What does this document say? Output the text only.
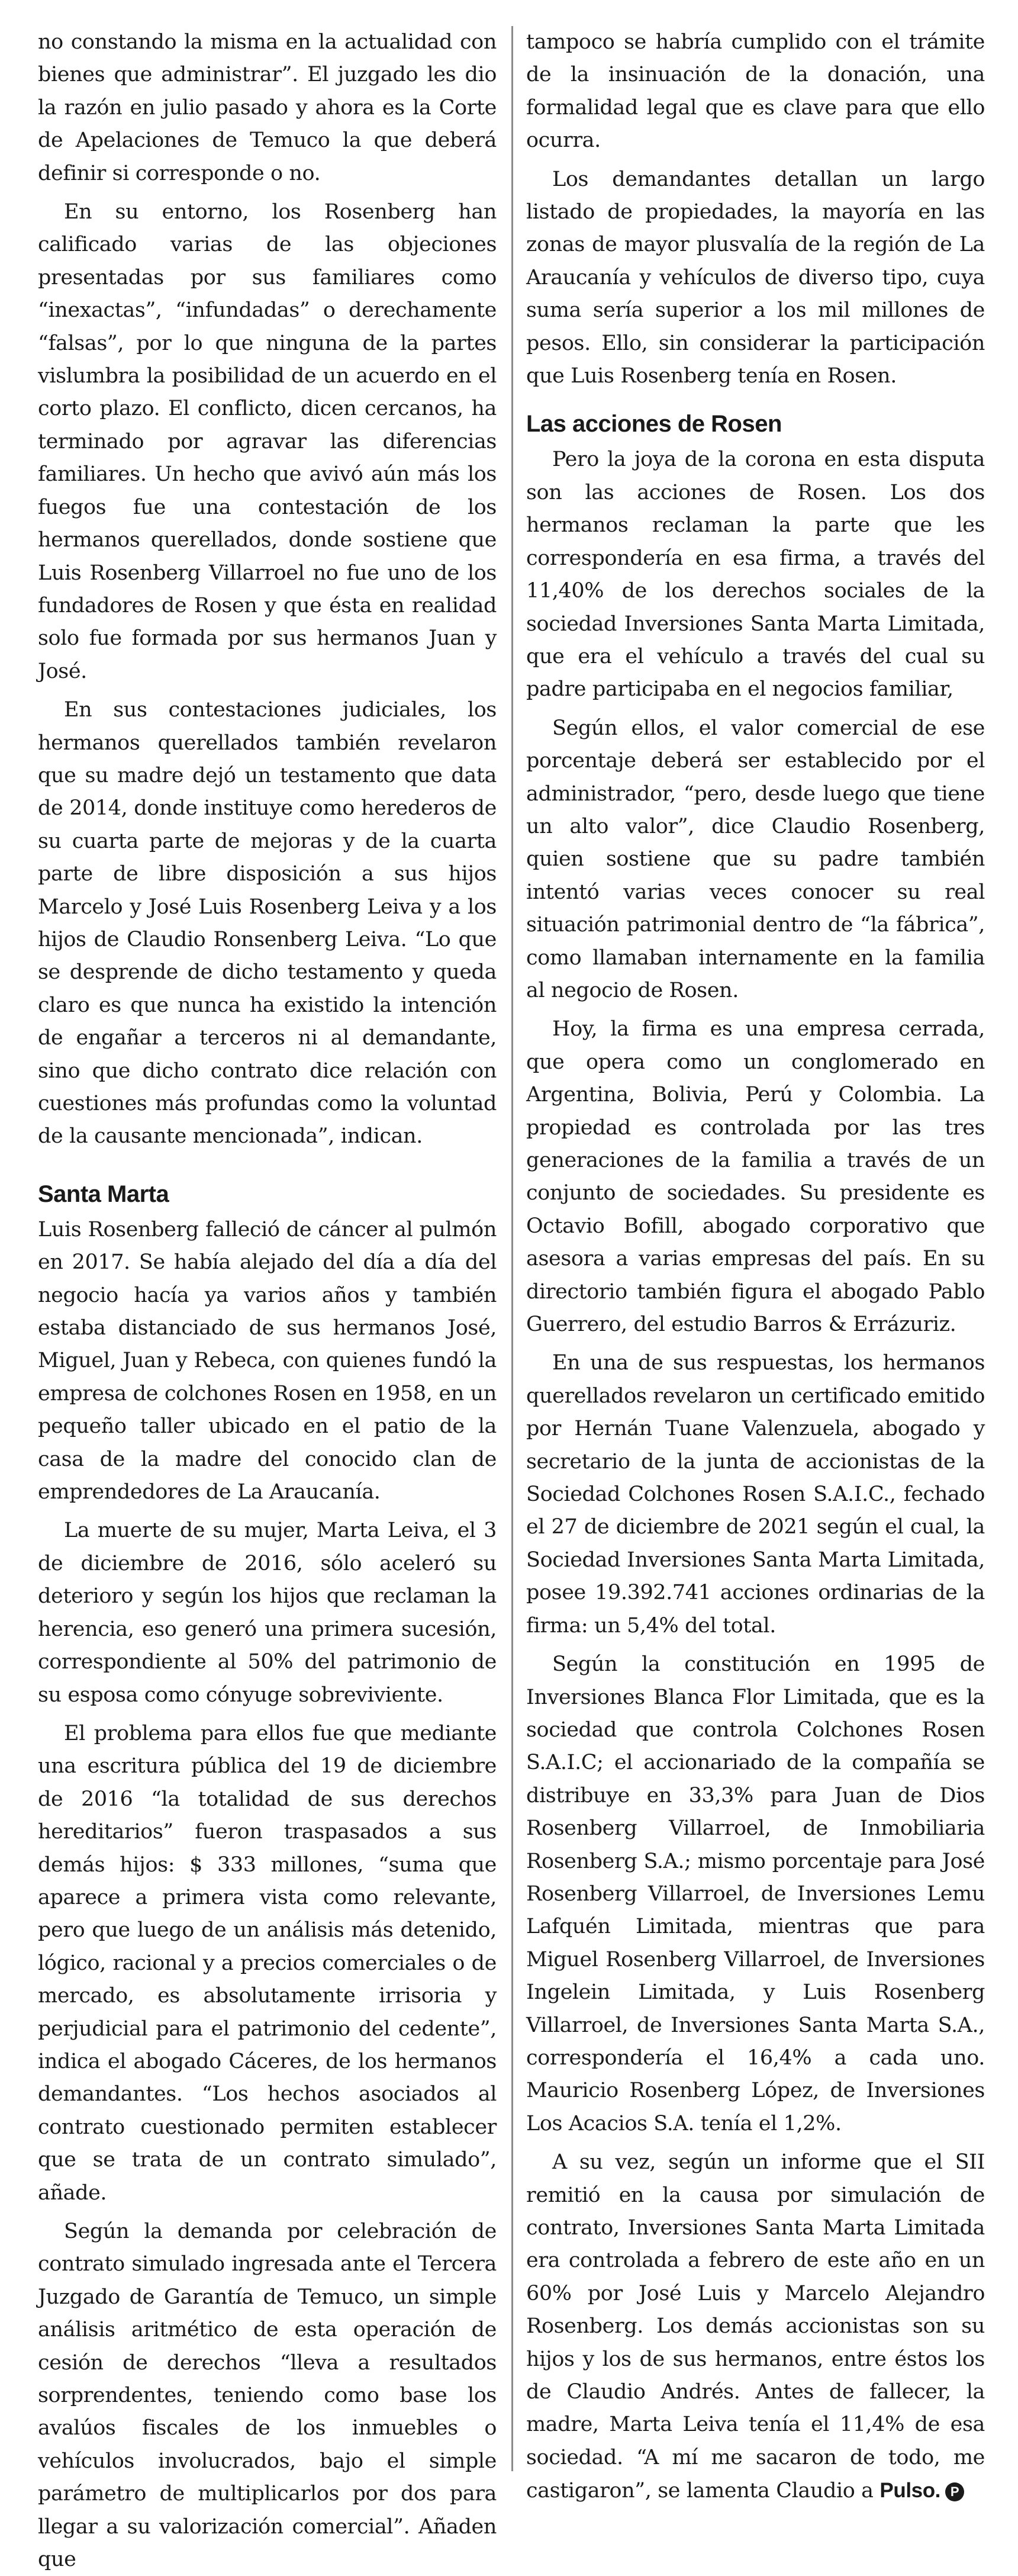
no constando la misma en la actualidad con bienes que administrar”. El juzgado les dio la razón en julio pasado y ahora es la Corte de Apelaciones de Temuco la que deberá definir si corresponde o no.

En su entorno, los Rosenberg han calificado varias de las objeciones presentadas por sus familiares como “inexactas”, “infundadas” o derechamente “falsas”, por lo que ninguna de la partes vislumbra la posibilidad de un acuerdo en el corto plazo. El conflicto, dicen cercanos, ha terminado por agravar las diferencias familiares. Un hecho que avivó aún más los fuegos fue una contestación de los hermanos querellados, donde sostiene que Luis Rosenberg Villarroel no fue uno de los fundadores de Rosen y que ésta en realidad solo fue formada por sus hermanos Juan y José.

En sus contestaciones judiciales, los hermanos querellados también revelaron que su madre dejó un testamento que data de 2014, donde instituye como herederos de su cuarta parte de mejoras y de la cuarta parte de libre disposición a sus hijos Marcelo y José Luis Rosenberg Leiva y a los hijos de Claudio Ronsenberg Leiva. “Lo que se desprende de dicho testamento y queda claro es que nunca ha existido la intención de engañar a terceros ni al demandante, sino que dicho contrato dice relación con cuestiones más profundas como la voluntad de la causante mencionada”, indican.

Santa Marta

Luis Rosenberg falleció de cáncer al pulmón en 2017. Se había alejado del día a día del negocio hacía ya varios años y también estaba distanciado de sus hermanos José, Miguel, Juan y Rebeca, con quienes fundó la empresa de colchones Rosen en 1958, en un pequeño taller ubicado en el patio de la casa de la madre del conocido clan de emprendedores de La Araucanía.

La muerte de su mujer, Marta Leiva, el 3 de diciembre de 2016, sólo aceleró su deterioro y según los hijos que reclaman la herencia, eso generó una primera sucesión, correspondiente al 50% del patrimonio de su esposa como cónyuge sobreviviente.

El problema para ellos fue que mediante una escritura pública del 19 de diciembre de 2016 “la totalidad de sus derechos hereditarios” fueron traspasados a sus demás hijos: $ 333 millones, “suma que aparece a primera vista como relevante, pero que luego de un análisis más detenido, lógico, racional y a precios comerciales o de mercado, es absolutamente irrisoria y perjudicial para el patrimonio del cedente”, indica el abogado Cáceres, de los hermanos demandantes. “Los hechos asociados al contrato cuestionado permiten establecer que se trata de un contrato simulado”, añade.

Según la demanda por celebración de contrato simulado ingresada ante el Tercera Juzgado de Garantía de Temuco, un simple análisis aritmético de esta operación de cesión de derechos “lleva a resultados sorprendentes, teniendo como base los avalúos fiscales de los inmuebles o vehículos involucrados, bajo el simple parámetro de multiplicarlos por dos para llegar a su valorización comercial”. Añaden que

tampoco se habría cumplido con el trámite de la insinuación de la donación, una formalidad legal que es clave para que ello ocurra.

Los demandantes detallan un largo listado de propiedades, la mayoría en las zonas de mayor plusvalía de la región de La Araucanía y vehículos de diverso tipo, cuya suma sería superior a los mil millones de pesos. Ello, sin considerar la participación que Luis Rosenberg tenía en Rosen.

Las acciones de Rosen

Pero la joya de la corona en esta disputa son las acciones de Rosen. Los dos hermanos reclaman la parte que les correspondería en esa firma, a través del 11,40% de los derechos sociales de la sociedad Inversiones Santa Marta Limitada, que era el vehículo a través del cual su padre participaba en el negocios familiar,

Según ellos, el valor comercial de ese porcentaje deberá ser establecido por el administrador, “pero, desde luego que tiene un alto valor”, dice Claudio Rosenberg, quien sostiene que su padre también intentó varias veces conocer su real situación patrimonial dentro de “la fábrica”, como llamaban internamente en la familia al negocio de Rosen.

Hoy, la firma es una empresa cerrada, que opera como un conglomerado en Argentina, Bolivia, Perú y Colombia. La propiedad es controlada por las tres generaciones de la familia a través de un conjunto de sociedades. Su presidente es Octavio Bofill, abogado corporativo que asesora a varias empresas del país. En su directorio también figura el abogado Pablo Guerrero, del estudio Barros & Errázuriz.

En una de sus respuestas, los hermanos querellados revelaron un certificado emitido por Hernán Tuane Valenzuela, abogado y secretario de la junta de accionistas de la Sociedad Colchones Rosen S.A.I.C., fechado el 27 de diciembre de 2021 según el cual, la Sociedad Inversiones Santa Marta Limitada, posee 19.392.741 acciones ordinarias de la firma: un 5,4% del total.

Según la constitución en 1995 de Inversiones Blanca Flor Limitada, que es la sociedad que controla Colchones Rosen S.A.I.C; el accionariado de la compañía se distribuye en 33,3% para Juan de Dios Rosenberg Villarroel, de Inmobiliaria Rosenberg S.A.; mismo porcentaje para José Rosenberg Villarroel, de Inversiones Lemu Lafquén Limitada, mientras que para Miguel Rosenberg Villarroel, de Inversiones Ingelein Limitada, y Luis Rosenberg Villarroel, de Inversiones Santa Marta S.A., correspondería el 16,4% a cada uno. Mauricio Rosenberg López, de Inversiones Los Acacios S.A. tenía el 1,2%.

A su vez, según un informe que el SII remitió en la causa por simulación de contrato, Inversiones Santa Marta Limitada era controlada a febrero de este año en un 60% por José Luis y Marcelo Alejandro Rosenberg. Los demás accionistas son su hijos y los de sus hermanos, entre éstos los de Claudio Andrés. Antes de fallecer, la madre, Marta Leiva tenía el 11,4% de esa sociedad. “A mí me sacaron de todo, me castigaron”, se lamenta Claudio a Pulso. P
